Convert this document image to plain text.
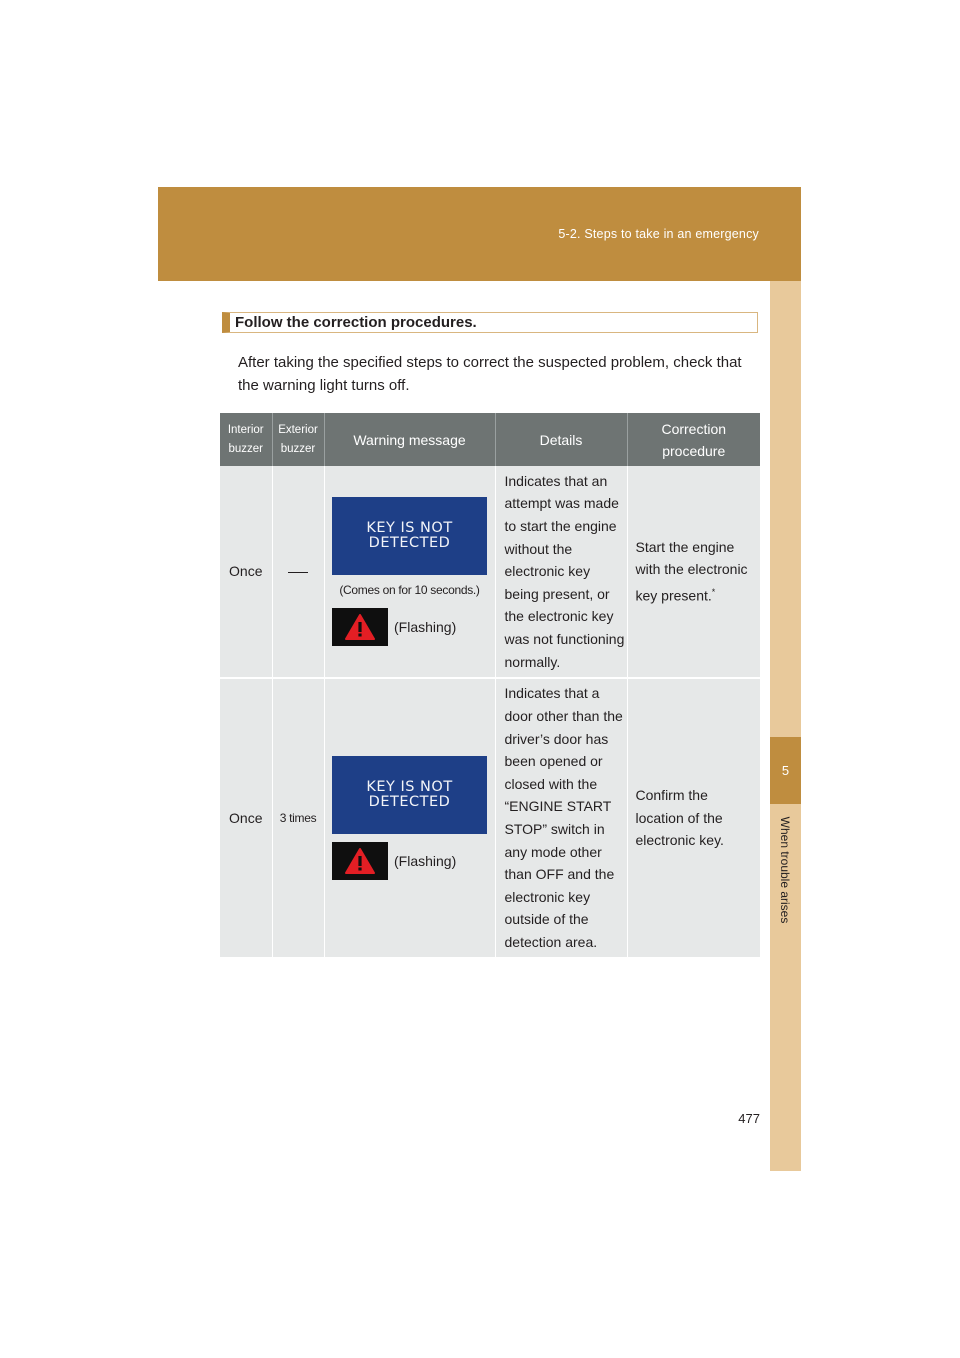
5-2. Steps to take in an emergency
5
When trouble arises
Follow the correction procedures.
After taking the specified steps to correct the suspected problem, check that the warning light turns off.
Interior buzzer	Exterior buzzer	Warning message	Details	Correction procedure
Once		KEY IS NOT
DETECTED
(Comes on for 10 seconds.)
(Flashing)	Indicates that an attempt was made to start the engine without the electronic key being present, or the electronic key was not functioning normally.	Start the engine with the electronic key present.*
Once	3 times	KEY IS NOT
DETECTED
(Flashing)	Indicates that a door other than the driver’s door has been opened or closed with the “ENGINE START STOP” switch in any mode other than OFF and the electronic key outside of the detection area.	Confirm the location of the electronic key.
477
